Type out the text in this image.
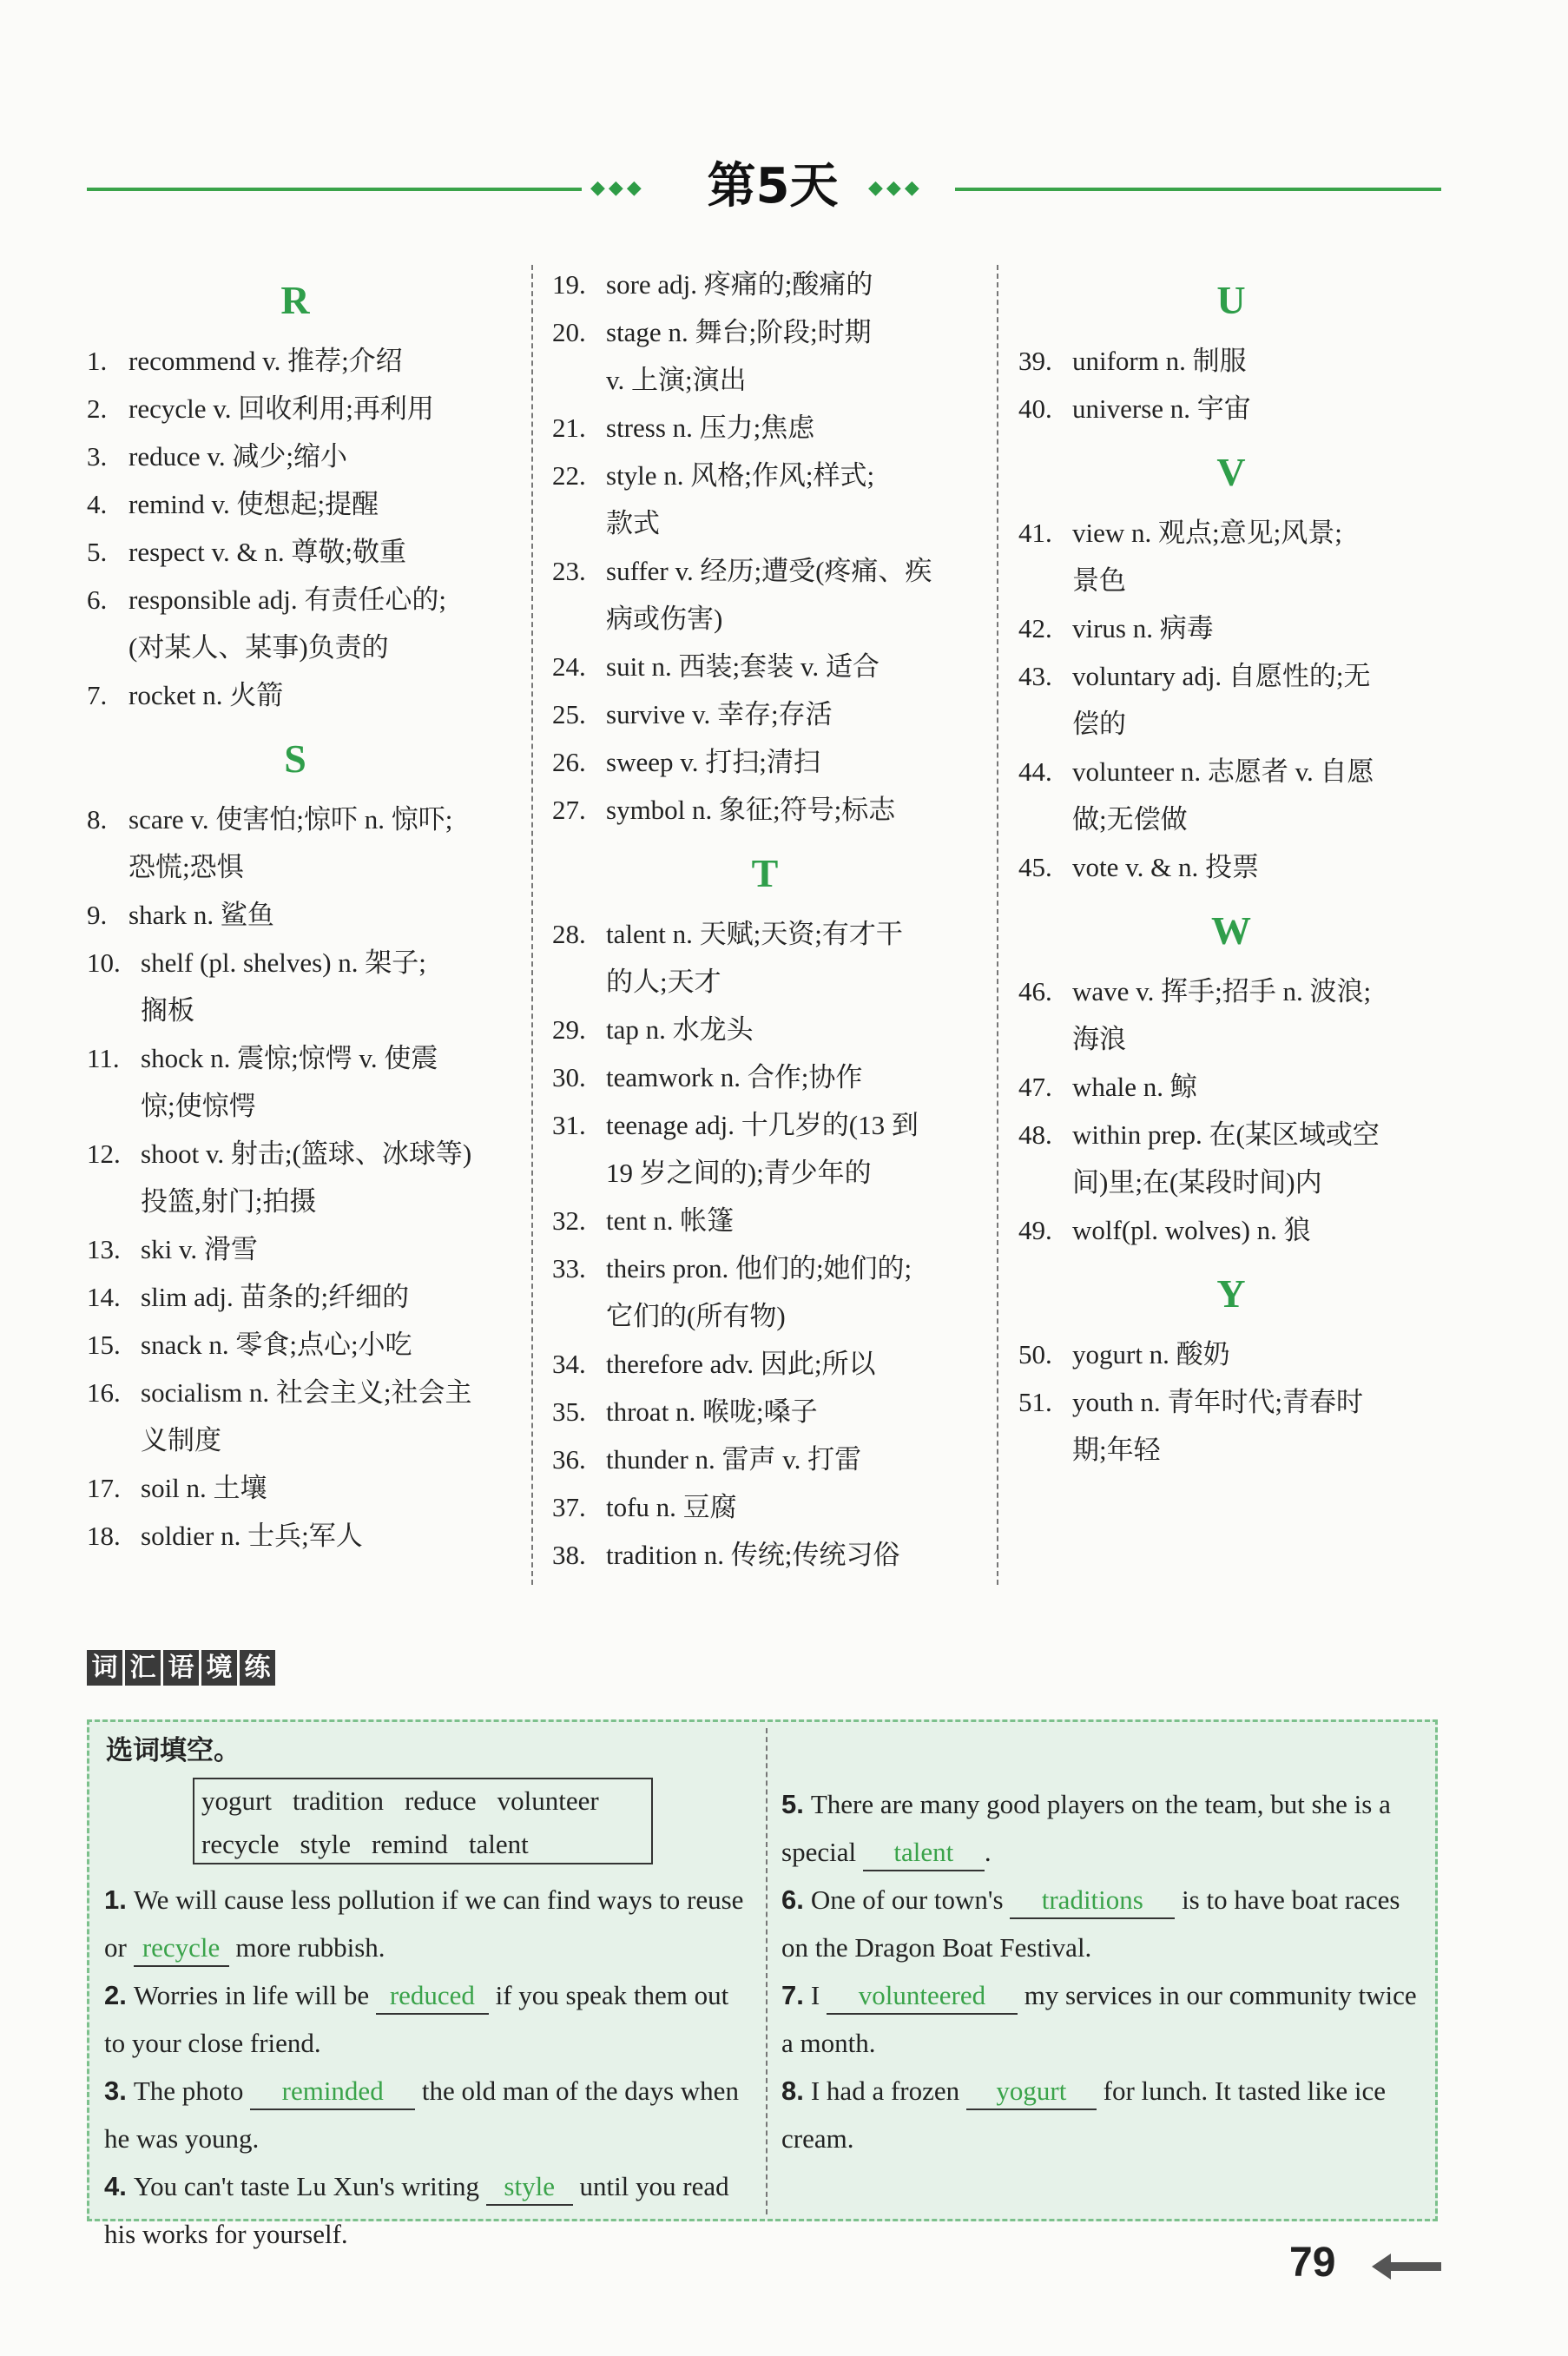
◆◆◆	第5天	◆◆◆
R
1. recommend v. 推荐;介绍
2. recycle v. 回收利用;再利用
3. reduce v. 减少;缩小
4. remind v. 使想起;提醒
5. respect v. & n. 尊敬;敬重
6. responsible adj. 有责任心的;
(对某人、某事)负责的
7. rocket n. 火箭
S
8. scare v. 使害怕;惊吓 n. 惊吓;
恐慌;恐惧
9. shark n. 鲨鱼
10. shelf (pl. shelves) n. 架子;
搁板
11. shock n. 震惊;惊愕 v. 使震
惊;使惊愕
12. shoot v. 射击;(篮球、冰球等)
投篮,射门;拍摄
13. ski v. 滑雪
14. slim adj. 苗条的;纤细的
15. snack n. 零食;点心;小吃
16. socialism n. 社会主义;社会主
义制度
17. soil n. 土壤
18. soldier n. 士兵;军人
19. sore adj. 疼痛的;酸痛的
20. stage n. 舞台;阶段;时期
v. 上演;演出
21. stress n. 压力;焦虑
22. style n. 风格;作风;样式;
款式
23. suffer v. 经历;遭受(疼痛、疾
病或伤害)
24. suit n. 西装;套装 v. 适合
25. survive v. 幸存;存活
26. sweep v. 打扫;清扫
27. symbol n. 象征;符号;标志
T
28. talent n. 天赋;天资;有才干
的人;天才
29. tap n. 水龙头
30. teamwork n. 合作;协作
31. teenage adj. 十几岁的(13 到
19 岁之间的);青少年的
32. tent n. 帐篷
33. theirs pron. 他们的;她们的;
它们的(所有物)
34. therefore adv. 因此;所以
35. throat n. 喉咙;嗓子
36. thunder n. 雷声 v. 打雷
37. tofu n. 豆腐
38. tradition n. 传统;传统习俗
U
39. uniform n. 制服
40. universe n. 宇宙
V
41. view n. 观点;意见;风景;
景色
42. virus n. 病毒
43. voluntary adj. 自愿性的;无
偿的
44. volunteer n. 志愿者 v. 自愿
做;无偿做
45. vote v. & n. 投票
W
46. wave v. 挥手;招手 n. 波浪;
海浪
47. whale n. 鲸
48. within prep. 在(某区域或空
间)里;在(某段时间)内
49. wolf(pl. wolves) n. 狼
Y
50. yogurt n. 酸奶
51. youth n. 青年时代;青春时
期;年轻
词 汇 语 境 练
选词填空。
yogurt tradition reduce volunteer
recycle style remind talent
1. We will cause less pollution if we can find ways to reuse or recycle more rubbish.
2. Worries in life will be reduced if you speak them out to your close friend.
3. The photo reminded the old man of the days when he was young.
4. You can't taste Lu Xun's writing style until you read his works for yourself.
5. There are many good players on the team, but she is a special talent .
6. One of our town's traditions is to have boat races on the Dragon Boat Festival.
7. I volunteered my services in our community twice a month.
8. I had a frozen yogurt for lunch. It tasted like ice cream.
79
